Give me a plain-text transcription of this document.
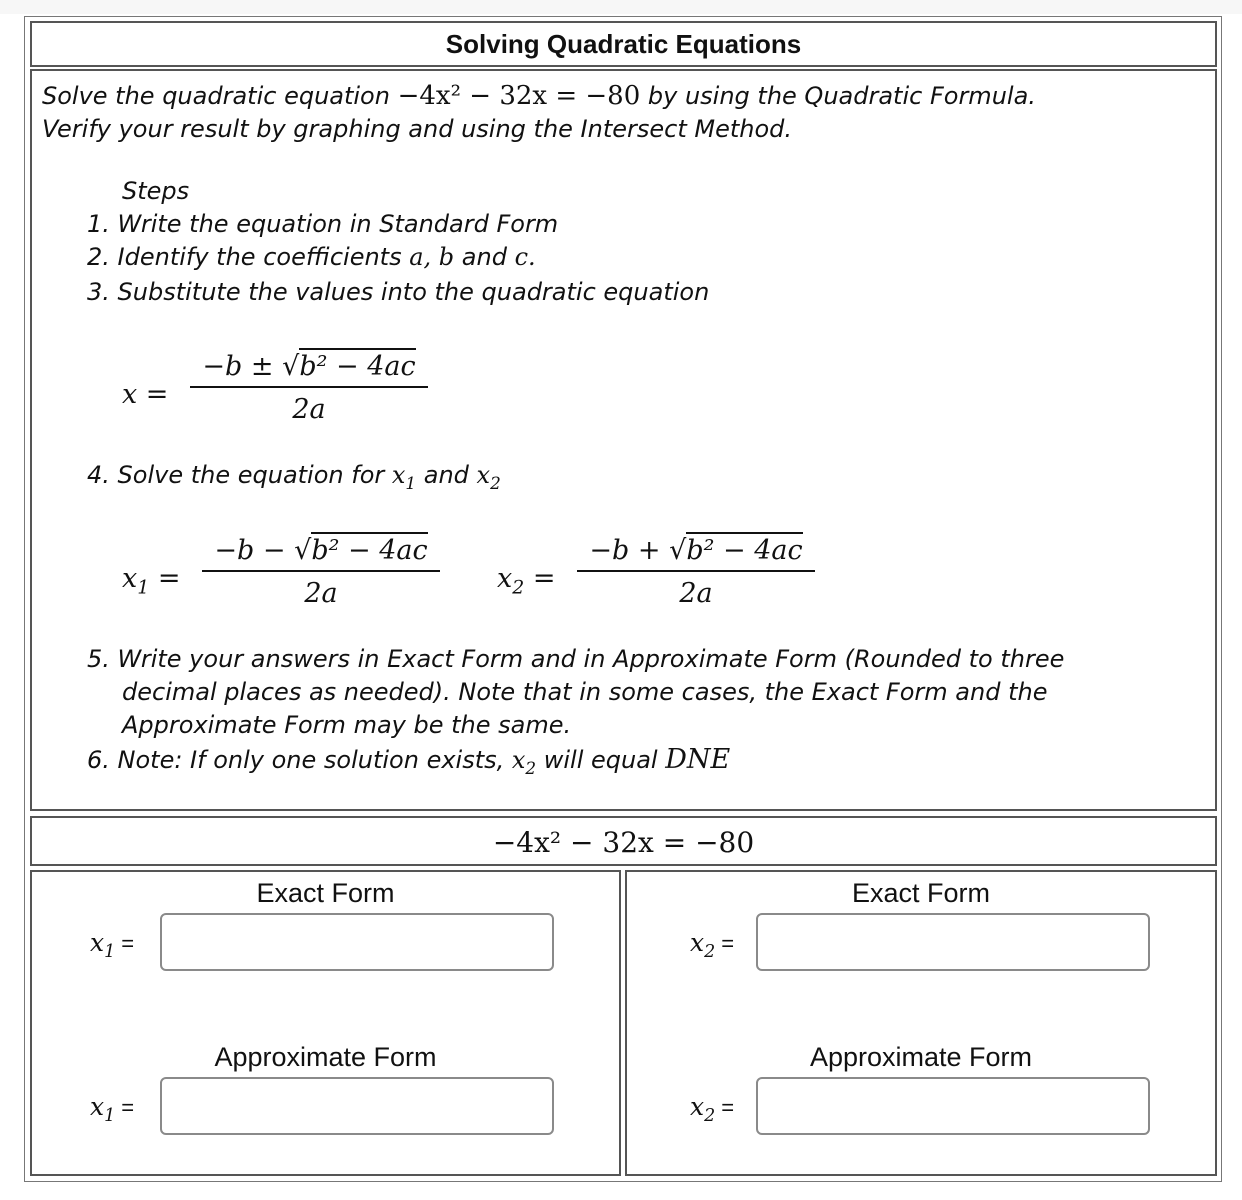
Solving Quadratic Equations
Solve the quadratic equation −4x² − 32x = −80 by using the Quadratic Formula.
Verify your result by graphing and using the Intersect Method.
Steps
1. Write the equation in Standard Form
2. Identify the coefficients a, b and c.
3. Substitute the values into the quadratic equation
x =
−b ± √b² − 4ac
2a
4. Solve the equation for $x_1$ and $x_2$
$x_1$ =
−b − √b² − 4ac
2a	$x_2$ =
−b + √b² − 4ac
2a
5. Write your answers in Exact Form and in Approximate Form (Rounded to three
decimal places as needed). Note that in some cases, the Exact Form and the
Approximate Form may be the same.
6. Note: If only one solution exists, $x_2$ will equal DNE
−4x² − 32x = −80
Exact Form
$x_1$ =
Approximate Form
$x_1$ =
Exact Form
$x_2$ =
Approximate Form
$x_2$ =
